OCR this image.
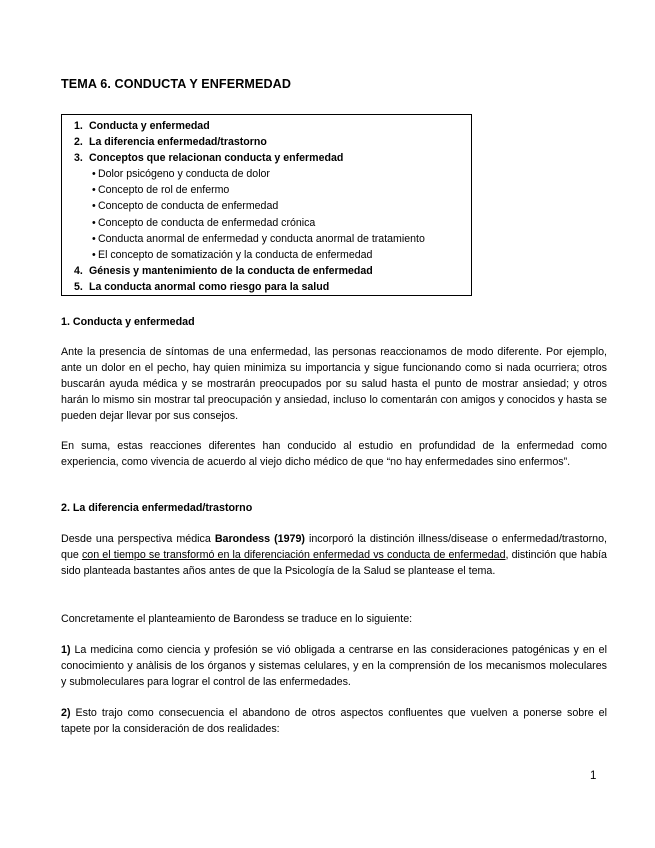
TEMA 6. CONDUCTA Y ENFERMEDAD
1. Conducta y enfermedad
2. La diferencia enfermedad/trastorno
3. Conceptos que relacionan conducta y enfermedad
• Dolor psicógeno y conducta de dolor
• Concepto de rol de enfermo
• Concepto de conducta de enfermedad
• Concepto de conducta de enfermedad crónica
• Conducta anormal de enfermedad y conducta anormal de tratamiento
• El concepto de somatización y la conducta de enfermedad
4. Génesis y mantenimiento de la conducta de enfermedad
5. La conducta anormal como riesgo para la salud
1. Conducta y enfermedad
Ante la presencia de síntomas de una enfermedad, las personas reaccionamos de modo diferente. Por ejemplo, ante un dolor en el pecho, hay quien minimiza su importancia y sigue funcionando como si nada ocurriera; otros buscarán ayuda médica y se mostrarán preocupados por su salud hasta el punto de mostrar ansiedad; y otros harán lo mismo sin mostrar tal preocupación y ansiedad, incluso lo comentarán con amigos y conocidos y hasta se pueden dejar llevar por sus consejos.
En suma, estas reacciones diferentes han conducido al estudio en profundidad de la enfermedad como experiencia, como vivencia de acuerdo al viejo dicho médico de que “no hay enfermedades sino enfermos”.
2. La diferencia enfermedad/trastorno
Desde una perspectiva médica Barondess (1979) incorporó la distinción illness/disease o enfermedad/trastorno, que con el tiempo se transformó en la diferenciación enfermedad vs conducta de enfermedad, distinción que había sido planteada bastantes años antes de que la Psicología de la Salud se plantease el tema.
Concretamente el planteamiento de Barondess se traduce en lo siguiente:
1) La medicina como ciencia y profesión se vió obligada a centrarse en las consideraciones patogénicas y en el conocimiento y anàlisis de los órganos y sistemas celulares, y en la comprensión de los mecanismos moleculares y submoleculares para lograr el control de las enfermedades.
2) Esto trajo como consecuencia el abandono de otros aspectos confluentes que vuelven a ponerse sobre el tapete por la consideración de dos realidades:
1
